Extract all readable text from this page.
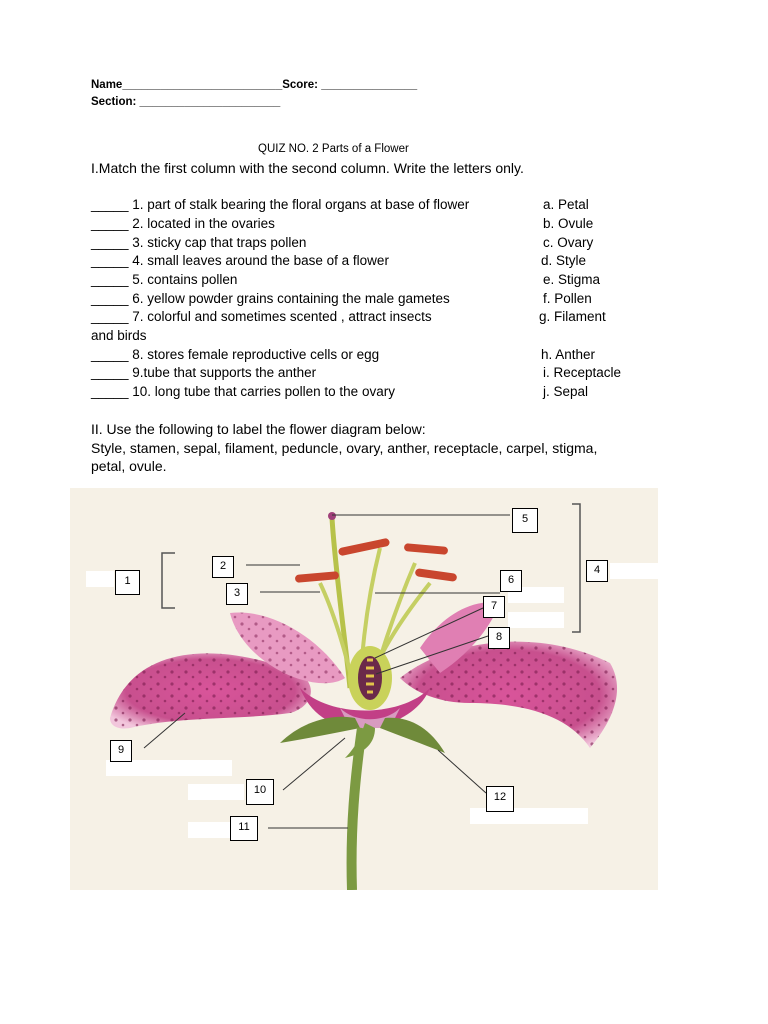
Name_________________________Score: _______________
Section: ______________________
QUIZ NO. 2 Parts of a Flower
I.Match the first column with the second column. Write the letters only.
_____ 1. part of stalk bearing the floral organs at base of flower
_____ 2. located in the ovaries
_____ 3. sticky cap that traps pollen
_____ 4. small leaves around the base of a flower
_____ 5. contains pollen
_____ 6. yellow powder grains containing the male gametes
_____ 7. colorful and sometimes scented , attract insects
and birds
_____ 8. stores female reproductive cells or egg
_____ 9.tube that supports the anther
_____ 10. long tube that carries pollen to the ovary
a. Petal
b. Ovule
c. Ovary
d. Style
e. Stigma
f. Pollen
g. Filament
h. Anther
i. Receptacle
j. Sepal
II. Use the following to label the flower diagram below:
Style, stamen, sepal, filament, peduncle, ovary, anther, receptacle, carpel, stigma,
petal, ovule.
1
2
3
4
5
6
7
8
9
10
11
12
